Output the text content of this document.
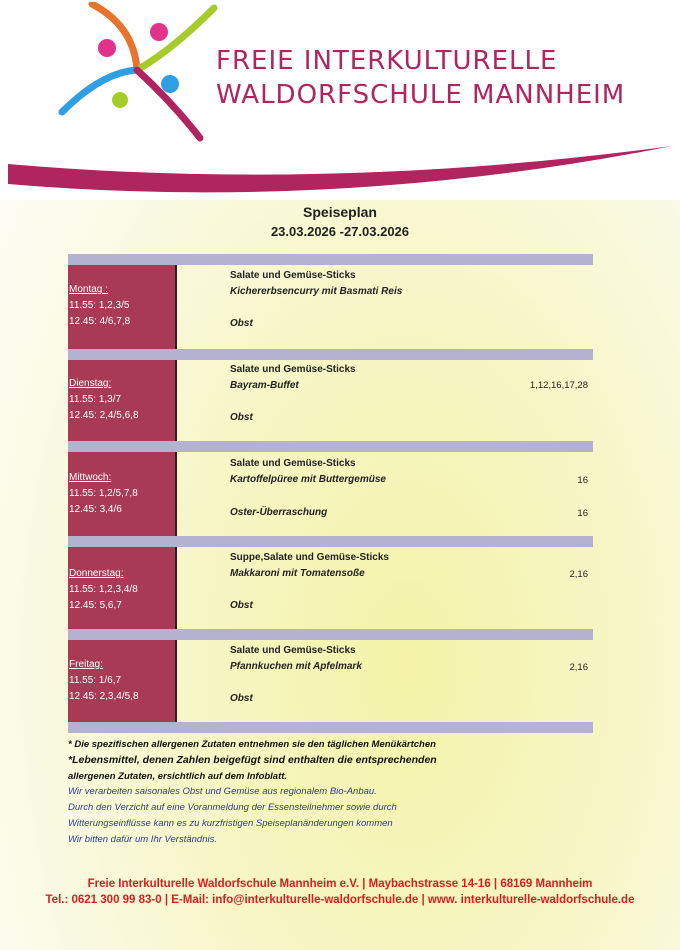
FREIE INTERKULTURELLE
WALDORFSCHULE MANNHEIM
Speiseplan
23.03.2026 -27.03.2026
Montag :
11.55: 1,2,3/5
12.45: 4/6,7,8
Salate und Gemüse-Sticks
Kichererbsencurry mit Basmati Reis
Obst
Dienstag:
11.55: 1,3/7
12.45: 2,4/5,6,8
Salate und Gemüse-Sticks
Bayram-Buffet
Obst
1,12,16,17,28
Mittwoch:
11.55: 1,2/5,7,8
12.45: 3,4/6
Salate und Gemüse-Sticks
Kartoffelpüree mit Buttergemüse
Oster-Überraschung
16
16
Donnerstag:
11.55: 1,2,3,4/8
12.45: 5,6,7
Suppe,Salate und Gemüse-Sticks
Makkaroni mit Tomatensoße
Obst
2,16
Freitag:
11.55: 1/6,7
12.45: 2,3,4/5,8
Salate und Gemüse-Sticks
Pfannkuchen mit Apfelmark
Obst
2,16
* Die spezifischen allergenen Zutaten entnehmen sie den täglichen Menükärtchen
*Lebensmittel, denen Zahlen beigefügt sind enthalten die entsprechenden
allergenen Zutaten, ersichtlich auf dem Infoblatt.
Wir verarbeiten saisonales Obst und Gemüse aus regionalem Bio-Anbau.
Durch den Verzicht auf eine Voranmeldung der Essensteilnehmer sowie durch
Witterungseinflüsse kann es zu kurzfristigen Speiseplanänderungen kommen
Wir bitten dafür um Ihr Verständnis.
Freie Interkulturelle Waldorfschule Mannheim e.V. | Maybachstrasse 14-16 | 68169 Mannheim
Tel.: 0621 300 99 83-0 | E-Mail: info@interkulturelle-waldorfschule.de | www. interkulturelle-waldorfschule.de
